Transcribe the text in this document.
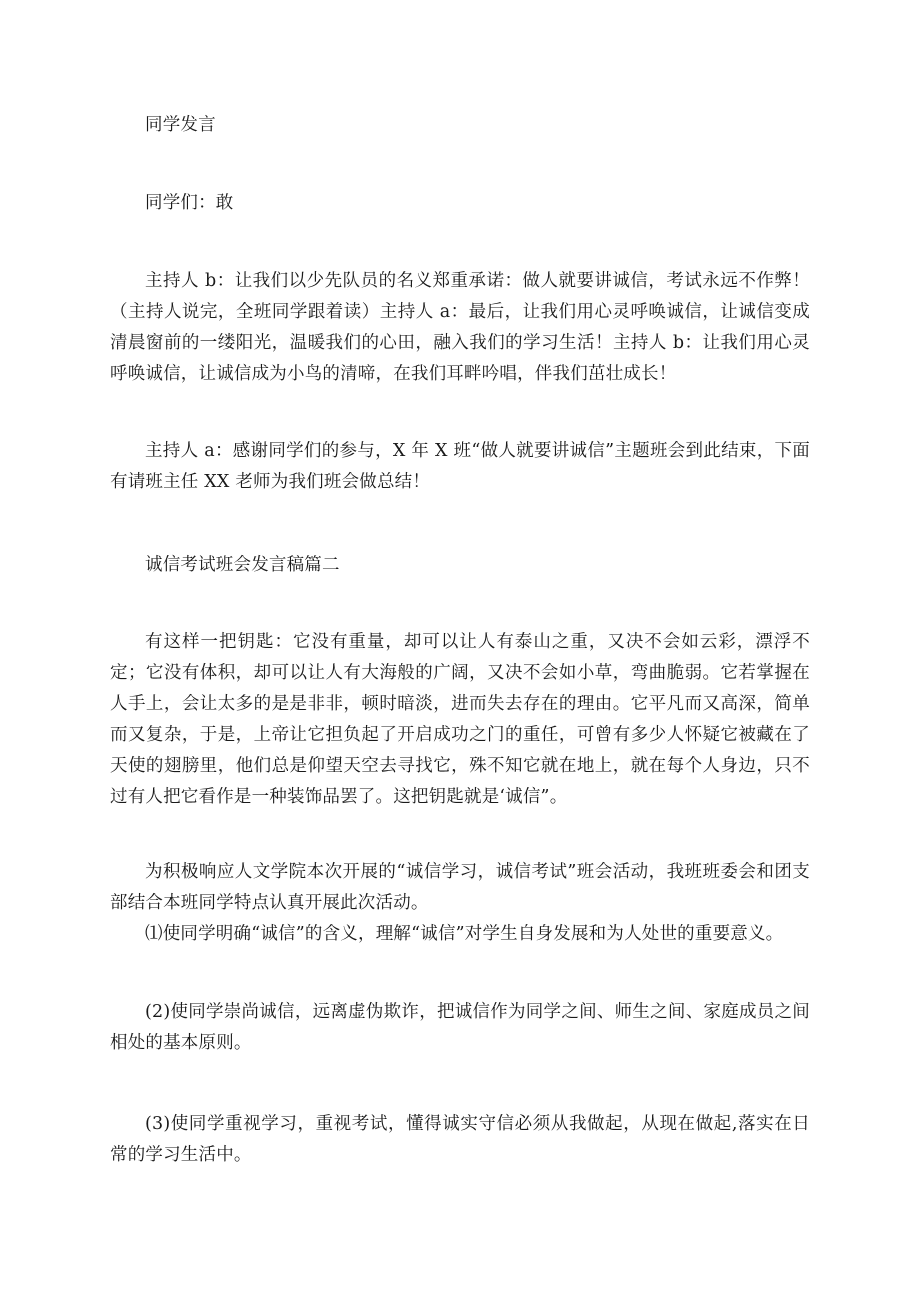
同学发言
同学们：敢
主持人 b：让我们以少先队员的名义郑重承诺：做人就要讲诚信，考试永远不作弊！（主持人说完，全班同学跟着读）主持人 a：最后，让我们用心灵呼唤诚信，让诚信变成清晨窗前的一缕阳光，温暖我们的心田，融入我们的学习生活！主持人 b：让我们用心灵呼唤诚信，让诚信成为小鸟的清啼，在我们耳畔吟唱，伴我们茁壮成长！
主持人 a：感谢同学们的参与，X 年 X 班“做人就要讲诚信”主题班会到此结束，下面有请班主任 XX 老师为我们班会做总结！
诚信考试班会发言稿篇二
有这样一把钥匙：它没有重量，却可以让人有泰山之重，又决不会如云彩，漂浮不定；它没有体积，却可以让人有大海般的广阔，又决不会如小草，弯曲脆弱。它若掌握在人手上，会让太多的是是非非，顿时暗淡，进而失去存在的理由。它平凡而又高深，简单而又复杂，于是，上帝让它担负起了开启成功之门的重任，可曾有多少人怀疑它被藏在了天使的翅膀里，他们总是仰望天空去寻找它，殊不知它就在地上，就在每个人身边，只不过有人把它看作是一种装饰品罢了。这把钥匙就是‘诚信”。
为积极响应人文学院本次开展的“诚信学习，诚信考试”班会活动，我班班委会和团支部结合本班同学特点认真开展此次活动。
⑴使同学明确“诚信”的含义，理解“诚信”对学生自身发展和为人处世的重要意义。
(2)使同学崇尚诚信，远离虚伪欺诈，把诚信作为同学之间、师生之间、家庭成员之间相处的基本原则。
(3)使同学重视学习，重视考试，懂得诚实守信必须从我做起，从现在做起,落实在日常的学习生活中。
